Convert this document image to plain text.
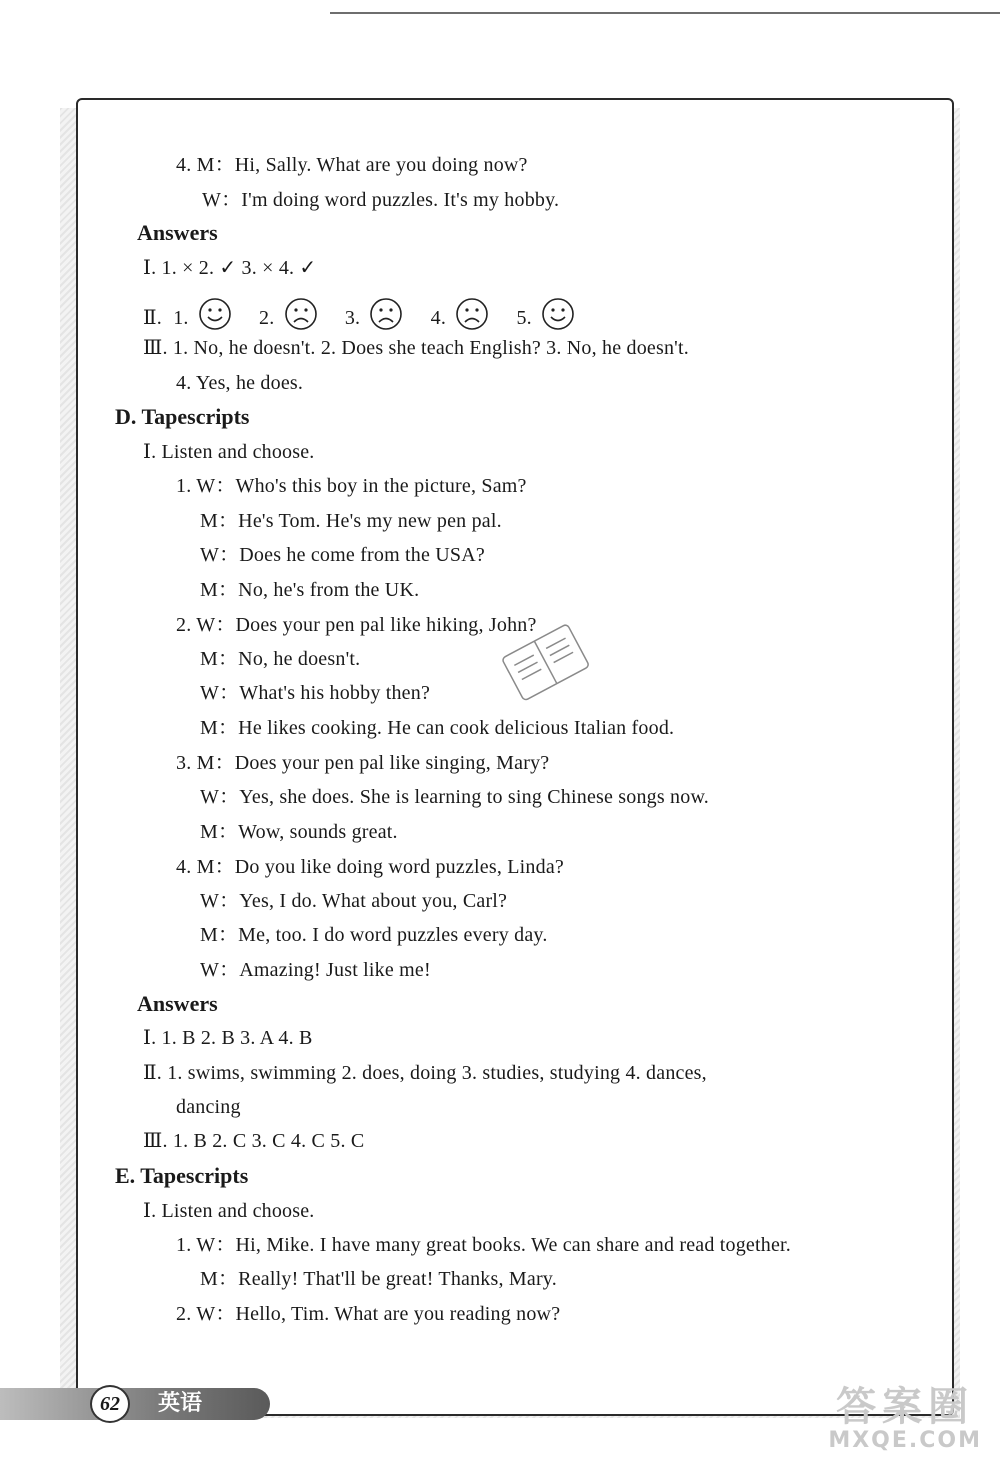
4. M：Hi, Sally. What are you doing now?
W：I'm doing word puzzles. It's my hobby.
Answers
Ⅰ. 1. × 2. ✓ 3. × 4. ✓
Ⅱ. 1.	2.	3.	4.	5.
Ⅲ. 1. No, he doesn't. 2. Does she teach English? 3. No, he doesn't.
4. Yes, he does.
D. Tapescripts
Ⅰ. Listen and choose.
1. W：Who's this boy in the picture, Sam?
M：He's Tom. He's my new pen pal.
W：Does he come from the USA?
M：No, he's from the UK.
2. W：Does your pen pal like hiking, John?
M：No, he doesn't.
W：What's his hobby then?
M：He likes cooking. He can cook delicious Italian food.
3. M：Does your pen pal like singing, Mary?
W：Yes, she does. She is learning to sing Chinese songs now.
M：Wow, sounds great.
4. M：Do you like doing word puzzles, Linda?
W：Yes, I do. What about you, Carl?
M：Me, too. I do word puzzles every day.
W：Amazing! Just like me!
Answers
Ⅰ. 1. B 2. B 3. A 4. B
Ⅱ. 1. swims, swimming 2. does, doing 3. studies, studying 4. dances,
dancing
Ⅲ. 1. B 2. C 3. C 4. C 5. C
E. Tapescripts
Ⅰ. Listen and choose.
1. W：Hi, Mike. I have many great books. We can share and read together.
M：Really! That'll be great! Thanks, Mary.
2. W：Hello, Tim. What are you reading now?
62	英语	答案圈
MXQE.COM
